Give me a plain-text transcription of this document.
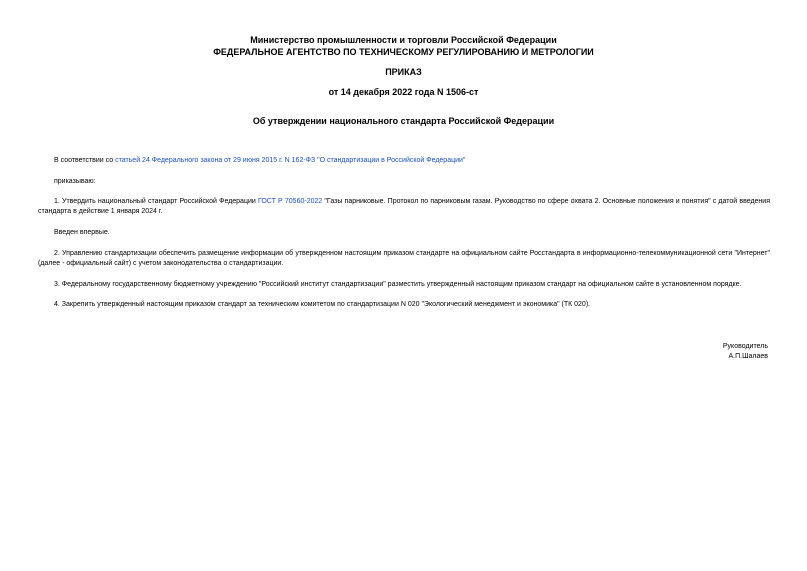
Министерство промышленности и торговли Российской Федерации
ФЕДЕРАЛЬНОЕ АГЕНТСТВО ПО ТЕХНИЧЕСКОМУ РЕГУЛИРОВАНИЮ И МЕТРОЛОГИИ
ПРИКАЗ
от 14 декабря 2022 года N 1506-ст
Об утверждении национального стандарта Российской Федерации
В соответствии со статьей 24 Федерального закона от 29 июня 2015 г. N 162-ФЗ "О стандартизации в Российской Федерации"
приказываю:
1. Утвердить национальный стандарт Российской Федерации ГОСТ Р 70560-2022 "Газы парниковые. Протокол по парниковым газам. Руководство по сфере охвата 2. Основные положения и понятия" с датой введения стандарта в действие 1 января 2024 г.
Введен впервые.
2. Управлению стандартизации обеспечить размещение информации об утвержденном настоящим приказом стандарте на официальном сайте Росстандарта в информационно-телекоммуникационной сети "Интернет" (далее - официальный сайт) с учетом законодательства о стандартизации.
3. Федеральному государственному бюджетному учреждению "Российский институт стандартизации" разместить утвержденный настоящим приказом стандарт на официальном сайте в установленном порядке.
4. Закрепить утвержденный настоящим приказом стандарт за техническим комитетом по стандартизации N 020 "Экологический менеджмент и экономика" (ТК 020).
Руководитель
А.П.Шалаев
